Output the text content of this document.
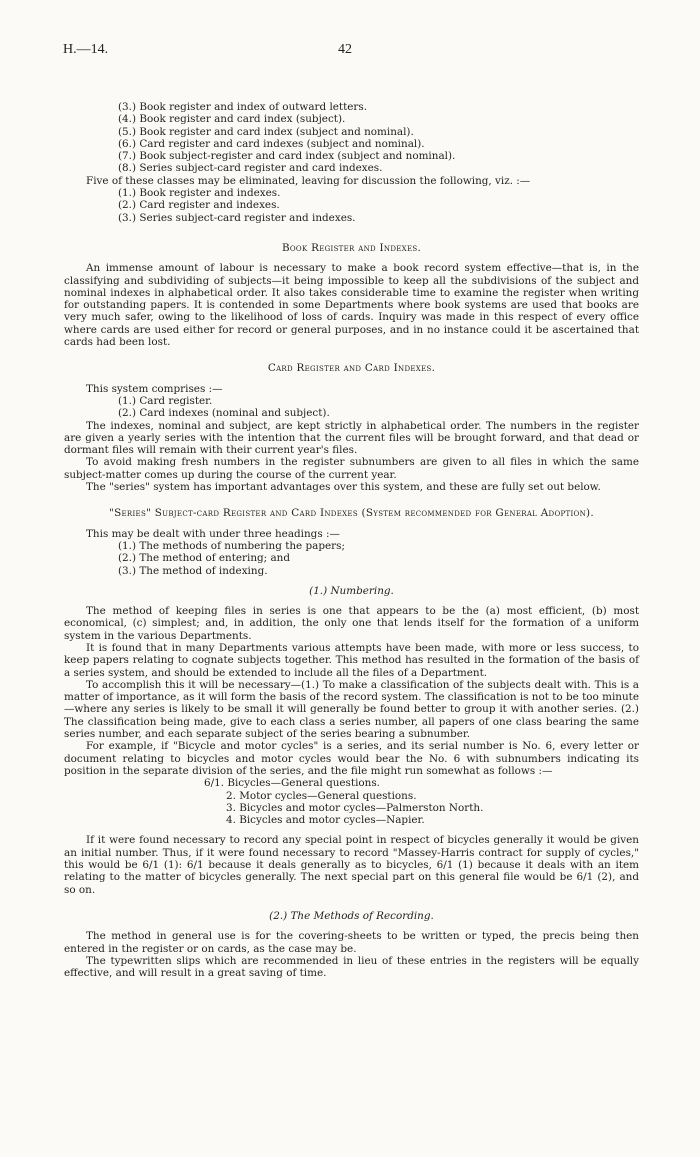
H.—14.	42
(3.) Book register and index of outward letters.
(4.) Book register and card index (subject).
(5.) Book register and card index (subject and nominal).
(6.) Card register and card indexes (subject and nominal).
(7.) Book subject-register and card index (subject and nominal).
(8.) Series subject-card register and card indexes.

Five of these classes may be eliminated, leaving for discussion the following, viz. :—

(1.) Book register and indexes.
(2.) Card register and indexes.
(3.) Series subject-card register and indexes.

Book Register and Indexes.

An immense amount of labour is necessary to make a book record system effective—that is, in the classifying and subdividing of subjects—it being impossible to keep all the subdivisions of the subject and nominal indexes in alphabetical order. It also takes considerable time to examine the register when writing for outstanding papers. It is contended in some Departments where book systems are used that books are very much safer, owing to the likelihood of loss of cards. Inquiry was made in this respect of every office where cards are used either for record or general purposes, and in no instance could it be ascertained that cards had been lost.

Card Register and Card Indexes.

This system comprises :—

(1.) Card register.
(2.) Card indexes (nominal and subject).

The indexes, nominal and subject, are kept strictly in alphabetical order. The numbers in the register are given a yearly series with the intention that the current files will be brought forward, and that dead or dormant files will remain with their current year's files.

To avoid making fresh numbers in the register subnumbers are given to all files in which the same subject-matter comes up during the course of the current year.

The "series" system has important advantages over this system, and these are fully set out below.

"Series" Subject-card Register and Card Indexes (System recommended for General Adoption).

This may be dealt with under three headings :—

(1.) The methods of numbering the papers;
(2.) The method of entering; and
(3.) The method of indexing.

(1.) Numbering.

The method of keeping files in series is one that appears to be the (a) most efficient, (b) most economical, (c) simplest; and, in addition, the only one that lends itself for the formation of a uniform system in the various Departments.

It is found that in many Departments various attempts have been made, with more or less success, to keep papers relating to cognate subjects together. This method has resulted in the formation of the basis of a series system, and should be extended to include all the files of a Department.

To accomplish this it will be necessary—(1.) To make a classification of the subjects dealt with. This is a matter of importance, as it will form the basis of the record system. The classification is not to be too minute—where any series is likely to be small it will generally be found better to group it with another series. (2.) The classification being made, give to each class a series number, all papers of one class bearing the same series number, and each separate subject of the series bearing a subnumber.

For example, if "Bicycle and motor cycles" is a series, and its serial number is No. 6, every letter or document relating to bicycles and motor cycles would bear the No. 6 with subnumbers indicating its position in the separate division of the series, and the file might run somewhat as follows :—

6/1. Bicycles—General questions.
2. Motor cycles—General questions.
3. Bicycles and motor cycles—Palmerston North.
4. Bicycles and motor cycles—Napier.

If it were found necessary to record any special point in respect of bicycles generally it would be given an initial number. Thus, if it were found necessary to record "Massey-Harris contract for supply of cycles," this would be 6/1 (1): 6/1 because it deals generally as to bicycles, 6/1 (1) because it deals with an item relating to the matter of bicycles generally. The next special part on this general file would be 6/1 (2), and so on.

(2.) The Methods of Recording.

The method in general use is for the covering-sheets to be written or typed, the precis being then entered in the register or on cards, as the case may be.

The typewritten slips which are recommended in lieu of these entries in the registers will be equally effective, and will result in a great saving of time.
